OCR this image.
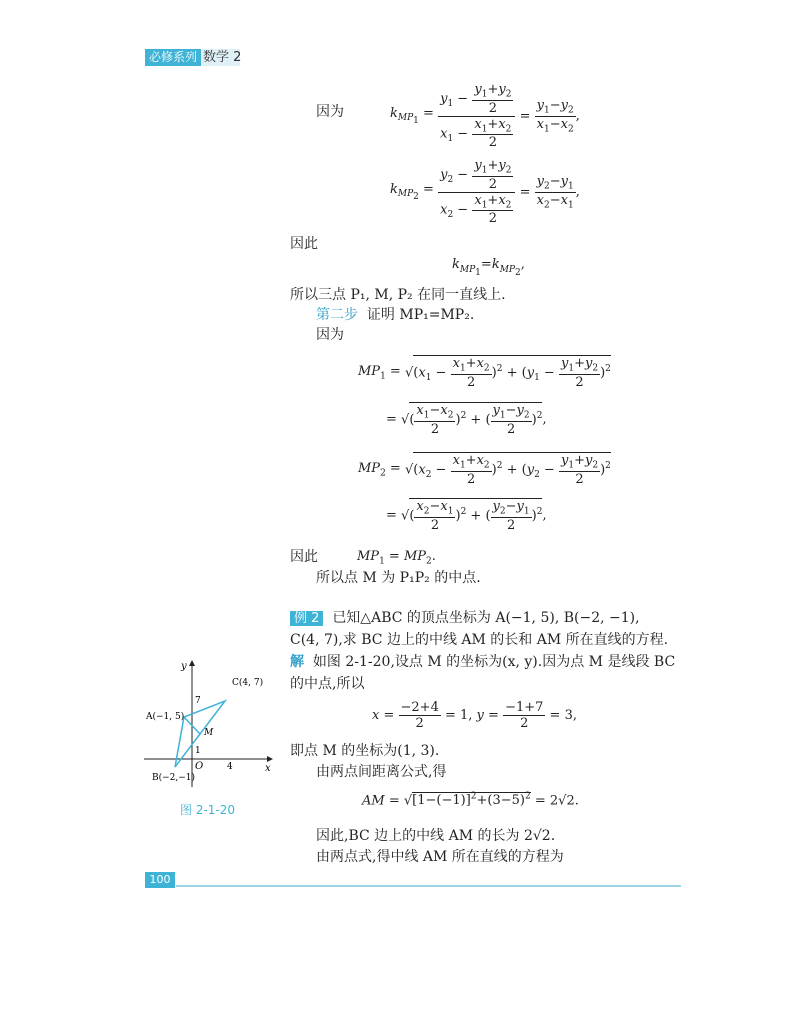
必修系列 数学 2
因为	$k_{MP_1} = \frac{y_1 - \frac{y_1+y_2}{2}}{x_1 - \frac{x_1+x_2}{2}} = \frac{y_1-y_2}{x_1-x_2}$ ,
$k_{MP_2} = \frac{y_2 - \frac{y_1+y_2}{2}}{x_2 - \frac{x_1+x_2}{2}} = \frac{y_2-y_1}{x_2-x_1}$ ,
因此
$k_{MP_1}=k_{MP_2}$,
所以三点 P₁, M, P₂ 在同一直线上.
第二步 证明 MP₁=MP₂.
因为
$MP_1 = √(x_1 - \frac{x_1+x_2}{2} )^2 + (y_1 - \frac{y_1+y_2}{2} )^2$
= √( $\frac{x_1-x_2}{2} )^2$ + ( $\frac{y_1-y_2}{2} )^2$,
$MP_2 = √(x_2 - \frac{x_1+x_2}{2} )^2 + (y_2 - \frac{y_1+y_2}{2} )^2$
= √( $\frac{x_2-x_1}{2} )^2$ + ( $\frac{y_2-y_1}{2} )^2$,
因此	$MP_1 = MP_2$.
所以点 M 为 P₁P₂ 的中点.
例 2 已知△ABC 的顶点坐标为 A(−1, 5), B(−2, −1),
C(4, 7),求 BC 边上的中线 AM 的长和 AM 所在直线的方程.
解 如图 2-1-20,设点 M 的坐标为(x, y).因为点 M 是线段 BC
的中点,所以
$x = \frac{-2+4}{2} = 1$, $y = \frac{-1+7}{2} = 3$,
即点 M 的坐标为(1, 3).
由两点间距离公式,得
AM = $√[1-(-1)]^2+(3-5)^2 = 2√2$.
因此,BC 边上的中线 AM 的长为 2√2.
由两点式,得中线 AM 所在直线的方程为
x
y
O
7
1
4
A(−1, 5)
B(−2,−1)
C(4, 7)
M
图 2-1-20
100
